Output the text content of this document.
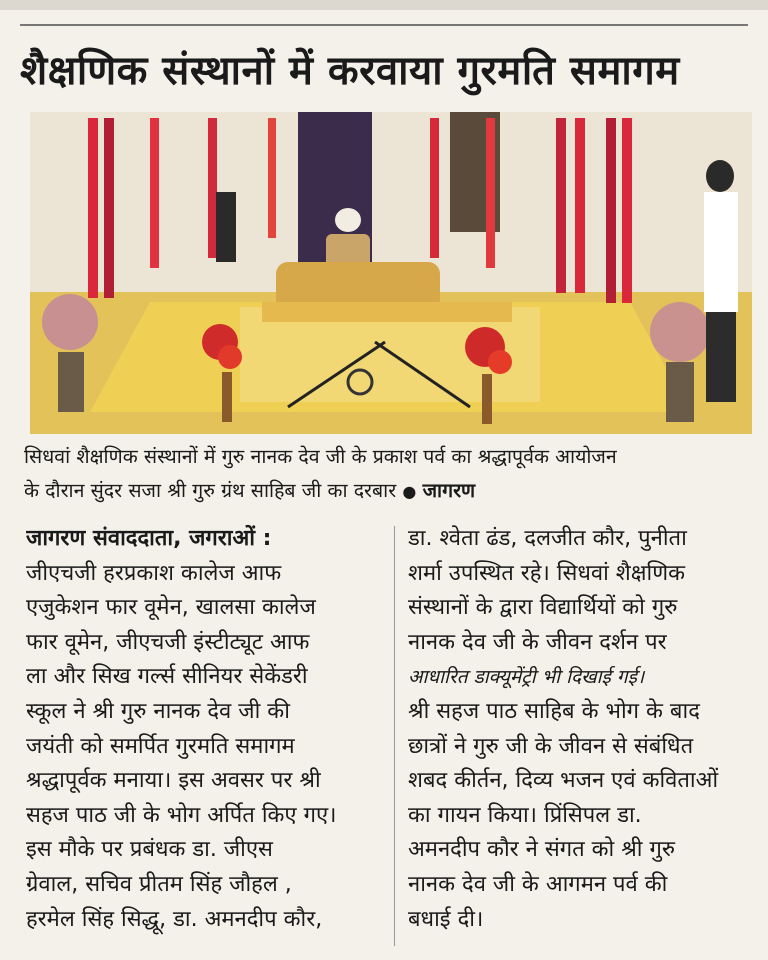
शैक्षणिक संस्थानों में करवाया गुरमति समागम
सिधवां शैक्षणिक संस्थानों में गुरु नानक देव जी के प्रकाश पर्व का श्रद्धापूर्वक आयोजन
के दौरान सुंदर सजा श्री गुरु ग्रंथ साहिब जी का दरबार ● जागरण
जागरण संवाददाता, जगराओं :
जीएचजी हरप्रकाश कालेज आफ
एजुकेशन फार वूमेन, खालसा कालेज
फार वूमेन, जीएचजी इंस्टीट्यूट आफ
ला और सिख गर्ल्स सीनियर सेकेंडरी
स्कूल ने श्री गुरु नानक देव जी की
जयंती को समर्पित गुरमति समागम
श्रद्धापूर्वक मनाया। इस अवसर पर श्री
सहज पाठ जी के भोग अर्पित किए गए।
इस मौके पर प्रबंधक डा. जीएस
ग्रेवाल, सचिव प्रीतम सिंह जौहल ,
हरमेल सिंह सिद्धू, डा. अमनदीप कौर,
डा. श्वेता ढंड, दलजीत कौर, पुनीता
शर्मा उपस्थित रहे। सिधवां शैक्षणिक
संस्थानों के द्वारा विद्यार्थियों को गुरु
नानक देव जी के जीवन दर्शन पर
आधारित डाक्यूमेंट्री भी दिखाई गई।
श्री सहज पाठ साहिब के भोग के बाद
छात्रों ने गुरु जी के जीवन से संबंधित
शबद कीर्तन, दिव्य भजन एवं कविताओं
का गायन किया। प्रिंसिपल डा.
अमनदीप कौर ने संगत को श्री गुरु
नानक देव जी के आगमन पर्व की
बधाई दी।
